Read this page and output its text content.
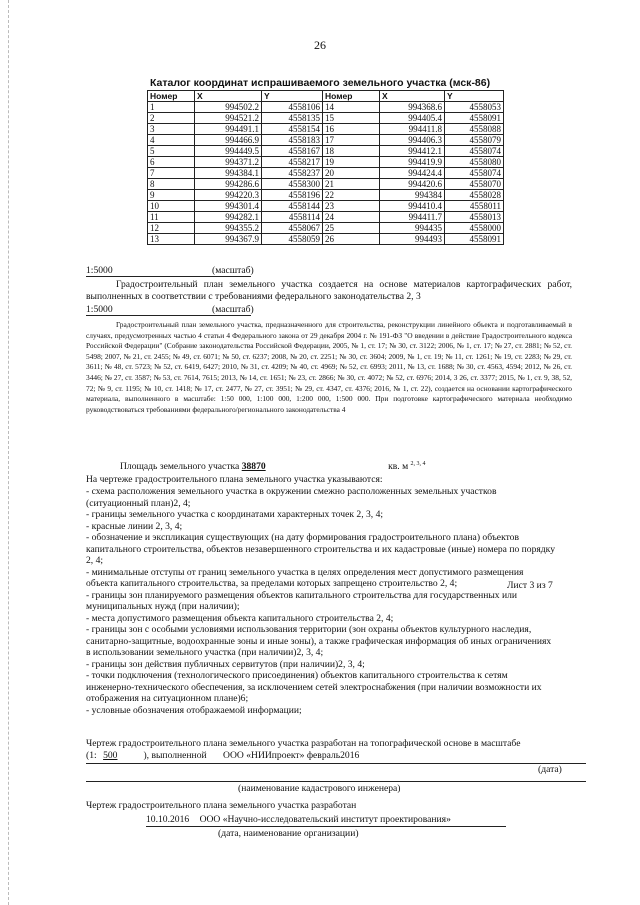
26
Каталог координат испрашиваемого земельного участка (мск-86)
Номер	X	Y	Номер	X	Y
1	994502.2	4558106	14	994368.6	4558053
2	994521.2	4558135	15	994405.4	4558091
3	994491.1	4558154	16	994411.8	4558088
4	994466.9	4558183	17	994406.3	4558079
5	994449.5	4558167	18	994412.1	4558074
6	994371.2	4558217	19	994419.9	4558080
7	994384.1	4558237	20	994424.4	4558074
8	994286.6	4558300	21	994420.6	4558070
9	994220.3	4558196	22	994384	4558028
10	994301.4	4558144	23	994410.4	4558011
11	994282.1	4558114	24	994411.7	4558013
12	994355.2	4558067	25	994435	4558000
13	994367.9	4558059	26	994493	4558091
1:5000	(масштаб)
Градостроительный план земельного участка создается на основе материалов картографических работ, выполненных в соответствии с требованиями федерального законодательства 2, 3
1:5000	(масштаб)
Градостроительный план земельного участка, предназначенного для строительства, реконструкции линейного объекта и подготавливаемый в случаях, предусмотренных частью 4 статьи 4 Федерального закона от 29 декабря 2004 г. № 191-ФЗ "О введении в действие Градостроительного кодекса Российской Федерации" (Собрание законодательства Российской Федерации, 2005, № 1, ст. 17; № 30, ст. 3122; 2006, № 1, ст. 17; № 27, ст. 2881; № 52, ст. 5498; 2007, № 21, ст. 2455; № 49, ст. 6071; № 50, ст. 6237; 2008, № 20, ст. 2251; № 30, ст. 3604; 2009, № 1, ст. 19; № 11, ст. 1261; № 19, ст. 2283; № 29, ст. 3611; № 48, ст. 5723; № 52, ст. 6419, 6427; 2010, № 31, ст. 4209; № 40, ст. 4969; № 52, ст. 6993; 2011, № 13, ст. 1688; № 30, ст. 4563, 4594; 2012, № 26, ст. 3446; № 27, ст. 3587; № 53, ст. 7614, 7615; 2013, № 14, ст. 1651; № 23, ст. 2866; № 30, ст. 4072; № 52, ст. 6976; 2014, 3 26, ст. 3377; 2015, № 1, ст. 9, 38, 52, 72; № 9, ст. 1195; № 10, ст. 1418; № 17, ст. 2477, № 27, ст. 3951; № 29, ст. 4347, ст. 4376; 2016, № 1, ст. 22), создается на основании картографического материала, выполненного в масштабе: 1:50 000, 1:100 000, 1:200 000, 1:500 000. При подготовке картографического материала необходимо руководствоваться требованиями федерального/регионального законодательства 4
Площадь земельного участка 38870	кв. м $^{2, 3, 4}$
На чертеже градостроительного плана земельного участка указываются:
- схема расположения земельного участка в окружении смежно расположенных земельных участков (ситуационный план)2, 4;
- границы земельного участка с координатами характерных точек 2, 3, 4;
- красные линии 2, 3, 4;
- обозначение и экспликация существующих (на дату формирования градостроительного плана) объектов капитального строительства, объектов незавершенного строительства и их кадастровые (иные) номера по порядку 2, 4;
- минимальные отступы от границ земельного участка в целях определения мест допустимого размещения объекта капитального строительства, за пределами которых запрещено строительство 2, 4;
- границы зон планируемого размещения объектов капитального строительства для государственных или муниципальных нужд (при наличии);
- места допустимого размещения объекта капитального строительства 2, 4;
- границы зон с особыми условиями использования территории (зон охраны объектов культурного наследия, санитарно-защитные, водоохранные зоны и иные зоны), а также графическая информация об иных ограничениях в использовании земельного участка (при наличии)2, 3, 4;
- границы зон действия публичных сервитутов (при наличии)2, 3, 4;
- точки подключения (технологического присоединения) объектов капитального строительства к сетям инженерно-технического обеспечения, за исключением сетей электроснабжения (при наличии возможности их отображения на ситуационном плане)6;
- условные обозначения отображаемой информации;
Лист 3 из 7
Чертеж градостроительного плана земельного участка разработан на топографической основе в масштабе
(1: 500	), выполненной ООО «НИИпроект» февраль2016
(дата)
(наименование кадастрового инженера)
Чертеж градостроительного плана земельного участка разработан
10.10.2016 ООО «Научно-исследовательский институт проектирования»
(дата, наименование организации)
